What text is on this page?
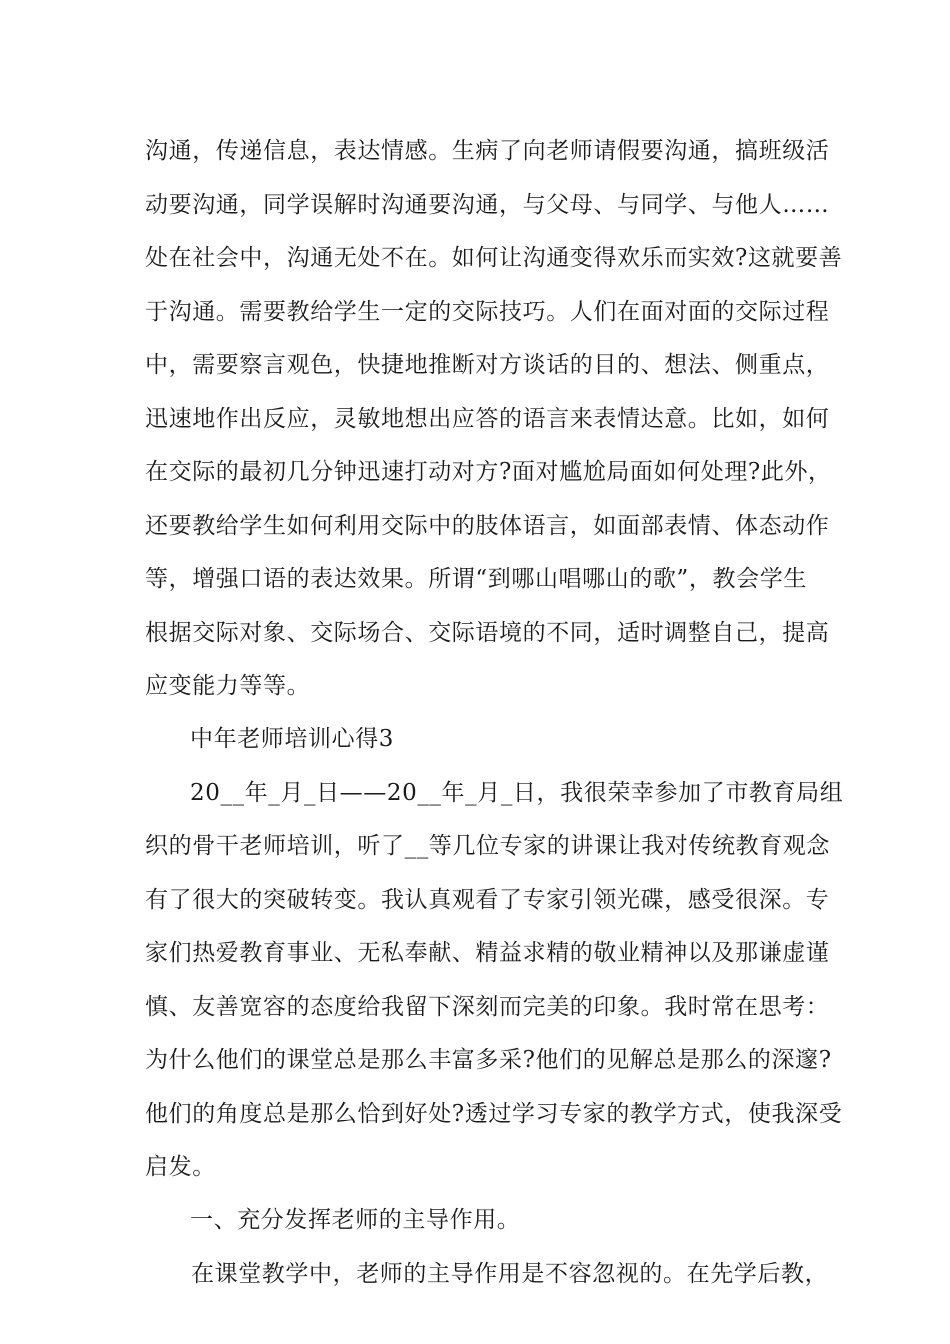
沟通，传递信息，表达情感。生病了向老师请假要沟通，搞班级活
动要沟通，同学误解时沟通要沟通，与父母、与同学、与他人……
处在社会中，沟通无处不在。如何让沟通变得欢乐而实效?这就要善
于沟通。需要教给学生一定的交际技巧。人们在面对面的交际过程
中，需要察言观色，快捷地推断对方谈话的目的、想法、侧重点，
迅速地作出反应，灵敏地想出应答的语言来表情达意。比如，如何
在交际的最初几分钟迅速打动对方?面对尴尬局面如何处理?此外，
还要教给学生如何利用交际中的肢体语言，如面部表情、体态动作
等，增强口语的表达效果。所谓“到哪山唱哪山的歌”，教会学生
根据交际对象、交际场合、交际语境的不同，适时调整自己，提高
应变能力等等。
中年老师培训心得3
20__年_月_日——20__年_月_日，我很荣幸参加了市教育局组
织的骨干老师培训，听了__等几位专家的讲课让我对传统教育观念
有了很大的突破转变。我认真观看了专家引领光碟，感受很深。专
家们热爱教育事业、无私奉献、精益求精的敬业精神以及那谦虚谨
慎、友善宽容的态度给我留下深刻而完美的印象。我时常在思考：
为什么他们的课堂总是那么丰富多采?他们的见解总是那么的深邃?
他们的角度总是那么恰到好处?透过学习专家的教学方式，使我深受
启发。
一、充分发挥老师的主导作用。
在课堂教学中，老师的主导作用是不容忽视的。在先学后教，
